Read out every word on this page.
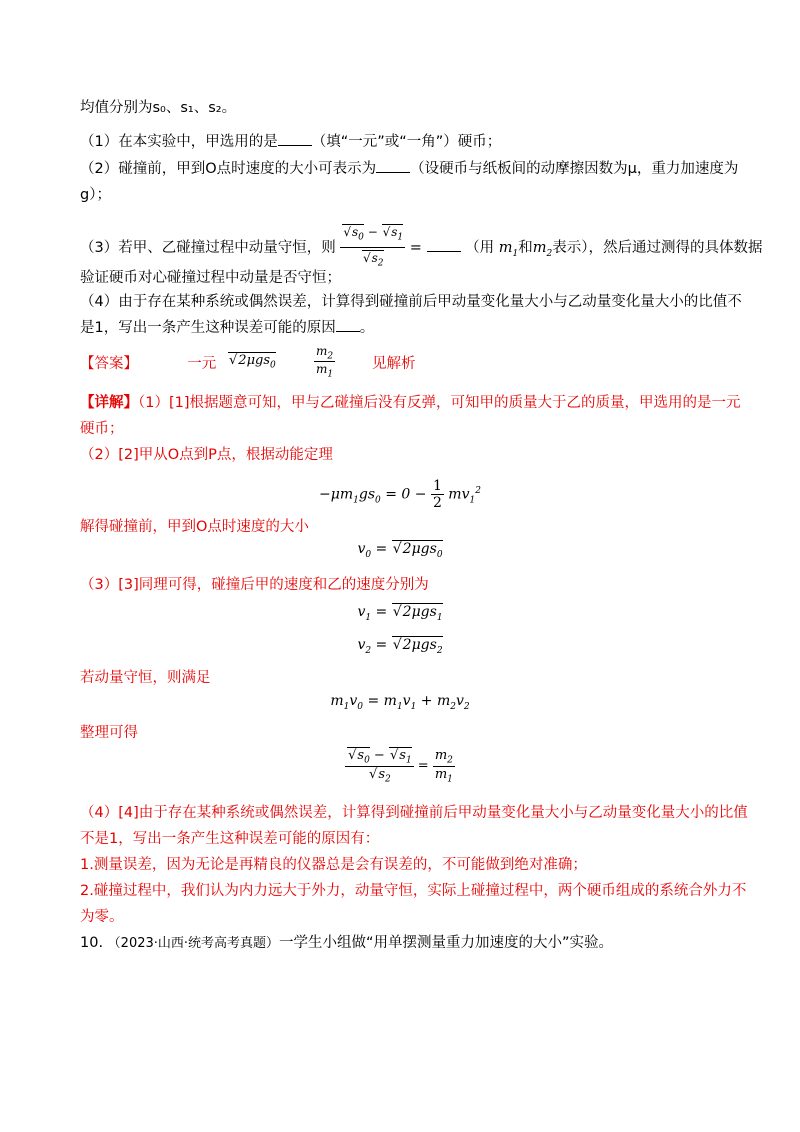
均值分别为s₀、s₁、s₂。
（1）在本实验中，甲选用的是 （填“一元”或“一角”）硬币；
（2）碰撞前，甲到O点时速度的大小可表示为 （设硬币与纸板间的动摩擦因数为μ，重力加速度为
g）；
（3）若甲、乙碰撞过程中动量守恒，则 √ $s_0$ − √ $s_1$
√ $s_2$ =	（用 $m_1$和$m_2$表示），然后通过测得的具体数据
验证硬币对心碰撞过程中动量是否守恒；
（4）由于存在某种系统或偶然误差，计算得到碰撞前后甲动量变化量大小与乙动量变化量大小的比值不
是1，写出一条产生这种误差可能的原因 。
【答案】	一元	√ 2μgs$_0$	$\frac{m_2}{m_1}$	见解析
【详解】（1）[1]根据题意可知，甲与乙碰撞后没有反弹，可知甲的质量大于乙的质量，甲选用的是一元
硬币；
（2）[2]甲从O点到P点，根据动能定理
$-\mu m_1gs_0 = 0 - \frac{1}{2} mv_1^2$
解得碰撞前，甲到O点时速度的大小
$v_0$ = √ 2μgs$_0$
（3）[3]同理可得，碰撞后甲的速度和乙的速度分别为
$v_1$ = √ 2μgs$_1$
$v_2$ = √ 2μgs$_2$
若动量守恒，则满足
$m_1v_0 = m_1v_1 + m_2v_2$
整理可得
√ $s_0$ − √ $s_1$
√ $s_2 = \frac{m_2}{m_1}$
（4）[4]由于存在某种系统或偶然误差，计算得到碰撞前后甲动量变化量大小与乙动量变化量大小的比值
不是1，写出一条产生这种误差可能的原因有：
1.测量误差，因为无论是再精良的仪器总是会有误差的，不可能做到绝对准确；
2.碰撞过程中，我们认为内力远大于外力，动量守恒，实际上碰撞过程中，两个硬币组成的系统合外力不
为零。
10. （2023·山西·统考高考真题）一学生小组做“用单摆测量重力加速度的大小”实验。
